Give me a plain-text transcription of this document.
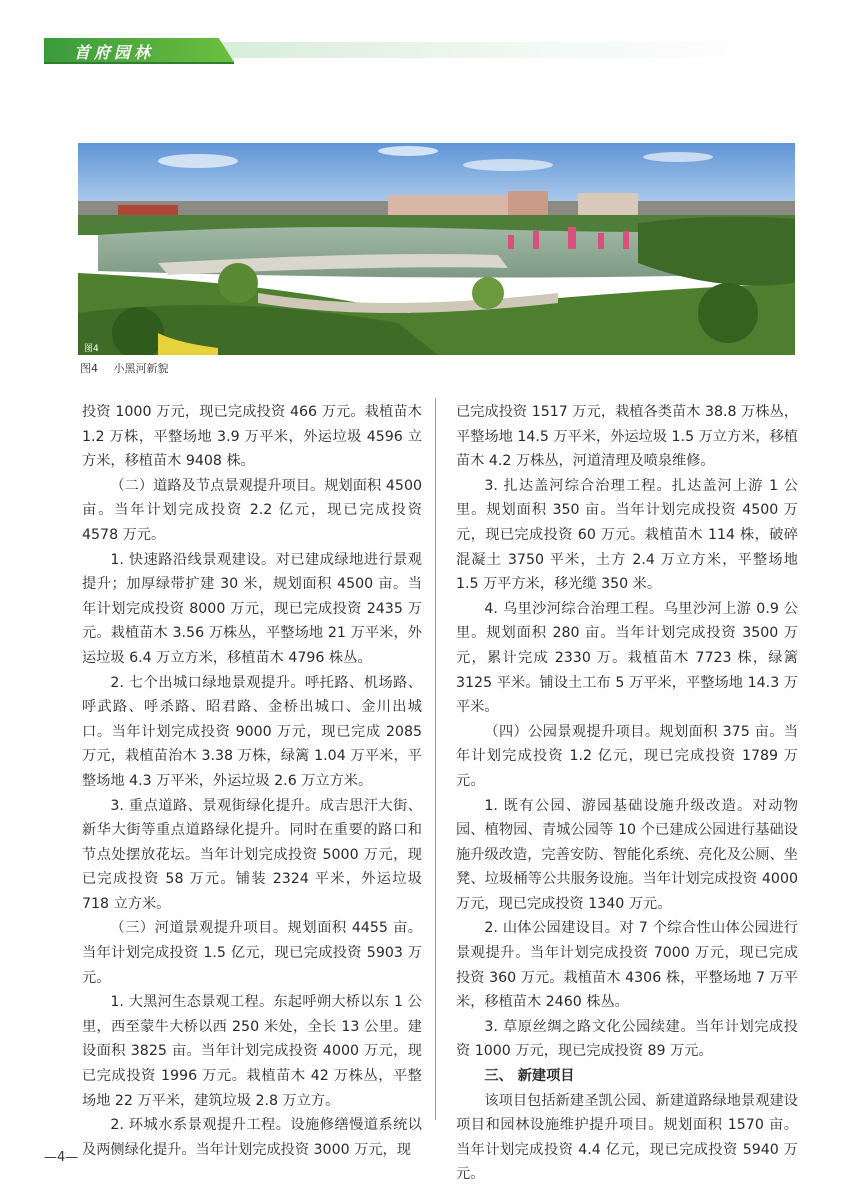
首府园林
图4
图4 小黑河新貌

投资 1000 万元，现已完成投资 466 万元。栽植苗木 1.2 万株，平整场地 3.9 万平米，外运垃圾 4596 立方米，移植苗木 9408 株。

（二）道路及节点景观提升项目。规划面积 4500 亩。当年计划完成投资 2.2 亿元，现已完成投资 4578 万元。

1. 快速路沿线景观建设。对已建成绿地进行景观提升；加厚绿带扩建 30 米，规划面积 4500 亩。当年计划完成投资 8000 万元，现已完成投资 2435 万元。栽植苗木 3.56 万株丛，平整场地 21 万平米，外运垃圾 6.4 万立方米，移植苗木 4796 株丛。

2. 七个出城口绿地景观提升。呼托路、机场路、呼武路、呼杀路、昭君路、金桥出城口、金川出城口。当年计划完成投资 9000 万元，现已完成 2085 万元，栽植苗治木 3.38 万株，绿篱 1.04 万平米，平整场地 4.3 万平米，外运垃圾 2.6 万立方米。

3. 重点道路、景观街绿化提升。成吉思汗大街、新华大街等重点道路绿化提升。同时在重要的路口和节点处摆放花坛。当年计划完成投资 5000 万元，现已完成投资 58 万元。铺装 2324 平米，外运垃圾 718 立方米。

（三）河道景观提升项目。规划面积 4455 亩。当年计划完成投资 1.5 亿元，现已完成投资 5903 万元。

1. 大黑河生态景观工程。东起呼朔大桥以东 1 公里，西至蒙牛大桥以西 250 米处，全长 13 公里。建设面积 3825 亩。当年计划完成投资 4000 万元，现已完成投资 1996 万元。栽植苗木 42 万株丛，平整场地 22 万平米，建筑垃圾 2.8 万立方。

2. 环城水系景观提升工程。设施修缮慢道系统以及两侧绿化提升。当年计划完成投资 3000 万元，现

已完成投资 1517 万元，栽植各类苗木 38.8 万株丛，平整场地 14.5 万平米，外运垃圾 1.5 万立方米，移植苗木 4.2 万株丛，河道清理及喷泉维修。

3. 扎达盖河综合治理工程。扎达盖河上游 1 公里。规划面积 350 亩。当年计划完成投资 4500 万元，现已完成投资 60 万元。栽植苗木 114 株，破碎混凝土 3750 平米，土方 2.4 万立方米，平整场地 1.5 万平方米，移光缆 350 米。

4. 乌里沙河综合治理工程。乌里沙河上游 0.9 公里。规划面积 280 亩。当年计划完成投资 3500 万元，累计完成 2330 万。栽植苗木 7723 株，绿篱 3125 平米。铺设土工布 5 万平米，平整场地 14.3 万平米。

（四）公园景观提升项目。规划面积 375 亩。当年计划完成投资 1.2 亿元，现已完成投资 1789 万元。

1. 既有公园、游园基础设施升级改造。对动物园、植物园、青城公园等 10 个已建成公园进行基础设施升级改造，完善安防、智能化系统、亮化及公厕、坐凳、垃圾桶等公共服务设施。当年计划完成投资 4000 万元，现已完成投资 1340 万元。

2. 山体公园建设目。对 7 个综合性山体公园进行景观提升。当年计划完成投资 7000 万元，现已完成投资 360 万元。栽植苗木 4306 株，平整场地 7 万平米，移植苗木 2460 株丛。

3. 草原丝绸之路文化公园续建。当年计划完成投资 1000 万元，现已完成投资 89 万元。

三、 新建项目

该项目包括新建圣凯公园、新建道路绿地景观建设项目和园林设施维护提升项目。规划面积 1570 亩。当年计划完成投资 4.4 亿元，现已完成投资 5940 万元。

—4—
